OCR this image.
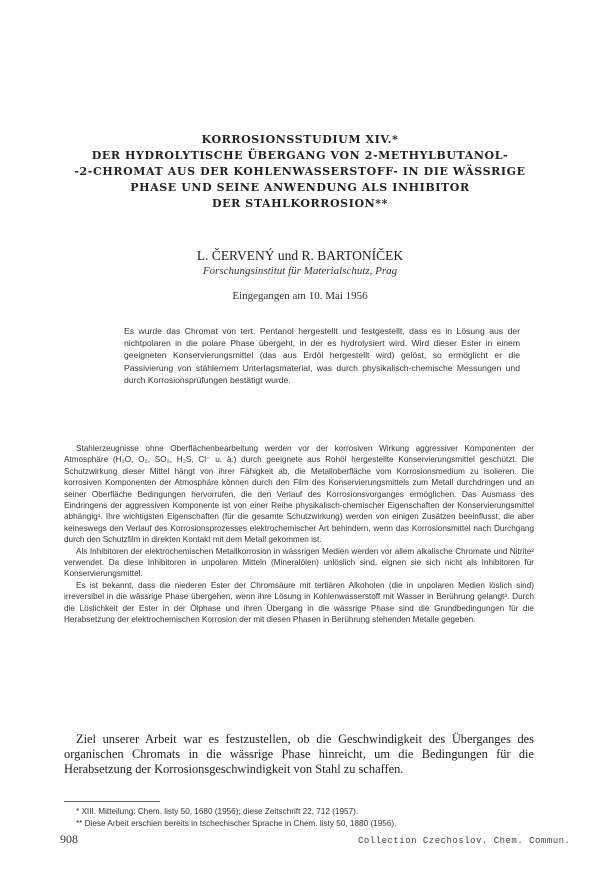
KORROSIONSSTUDIUM XIV.*
DER HYDROLYTISCHE ÜBERGANG VON 2-METHYLBUTANOL-
-2-CHROMAT AUS DER KOHLENWASSERSTOFF- IN DIE WÄSSRIGE
PHASE UND SEINE ANWENDUNG ALS INHIBITOR
DER STAHLKORROSION**
L. ČERVENÝ und R. BARTONÍČEK
Forschungsinstitut für Materialschutz, Prag
Eingegangen am 10. Mai 1956
Es wurde das Chromat von tert. Pentanol hergestellt und festgestellt, dass es in Lösung aus der nichtpolaren in die polare Phase übergeht, in der es hydrolysiert wird. Wird dieser Ester in einem geeigneten Konservierungsmittel (das aus Erdöl hergestellt wird) gelöst, so ermöglicht er die Passivierung von stählernem Unterlagsmaterial, was durch physikalisch-chemische Messungen und durch Korrosionsprüfungen bestätigt wurde.

Stahlerzeugnisse ohne Oberflächenbearbeitung werden vor der korrosiven Wirkung aggressiver Komponenten der Atmosphäre (H₂O, O₂, SO₂, H₂S, Cl⁻ u. ä.) durch geeignete aus Rohöl hergestellte Konservierungsmittel geschützt. Die Schutzwirkung dieser Mittel hängt von ihrer Fähigkeit ab, die Metalloberfläche vom Korrosionsmedium zu isolieren. Die korrosiven Komponenten der Atmosphäre können durch den Film des Konservierungsmittels zum Metall durchdringen und an seiner Oberfläche Bedingungen hervorrufen, die den Verlauf des Korrosionsvorganges ermöglichen. Das Ausmass des Eindringens der aggressiven Komponente ist von einer Reihe physikalisch-chemischer Eigenschaften der Konservierungsmittel abhängig¹. Ihre wichtigsten Eigenschaften (für die gesamte Schutzwirkung) werden von einigen Zusätzen beeinflusst, die aber keineswegs den Verlauf des Korrosionsprozesses elektrochemischer Art behindern, wenn das Korrosionsmittel nach Durchgang durch den Schutzfilm in direkten Kontakt mit dem Metall gekommen ist.

Als Inhibitoren der elektrochemischen Metallkorrosion in wässrigen Medien werden vor allem alkalische Chromate und Nitrite² verwendet. Da diese Inhibitoren in unpolaren Mitteln (Mineralölen) unlöslich sind, eignen sie sich nicht als Inhibitoren für Konservierungsmittel.

Es ist bekannt, dass die niederen Ester der Chromsäure mit tertiären Alkoholen (die in unpolaren Medien löslich sind) irreversibel in die wässrige Phase übergehen, wenn ihre Lösung in Kohlenwasserstoff mit Wasser in Berührung gelangt³. Durch die Löslichkeit der Ester in der Ölphase und ihren Übergang in die wässrige Phase sind die Grundbedingungen für die Herabsetzung der elektrochemischen Korrosion der mit diesen Phasen in Berührung stehenden Metalle gegeben.

Ziel unserer Arbeit war es festzustellen, ob die Geschwindigkeit des Überganges des organischen Chromats in die wässrige Phase hinreicht, um die Bedingungen für die Herabsetzung der Korrosionsgeschwindigkeit von Stahl zu schaffen.
* XIII. Mitteilung: Chem. listy 50, 1680 (1956); diese Zeitschrift 22, 712 (1957).
** Diese Arbeit erschien bereits in tschechischer Sprache in Chem. listy 50, 1880 (1956).
908	Collection Czechoslov. Chem. Commun.
